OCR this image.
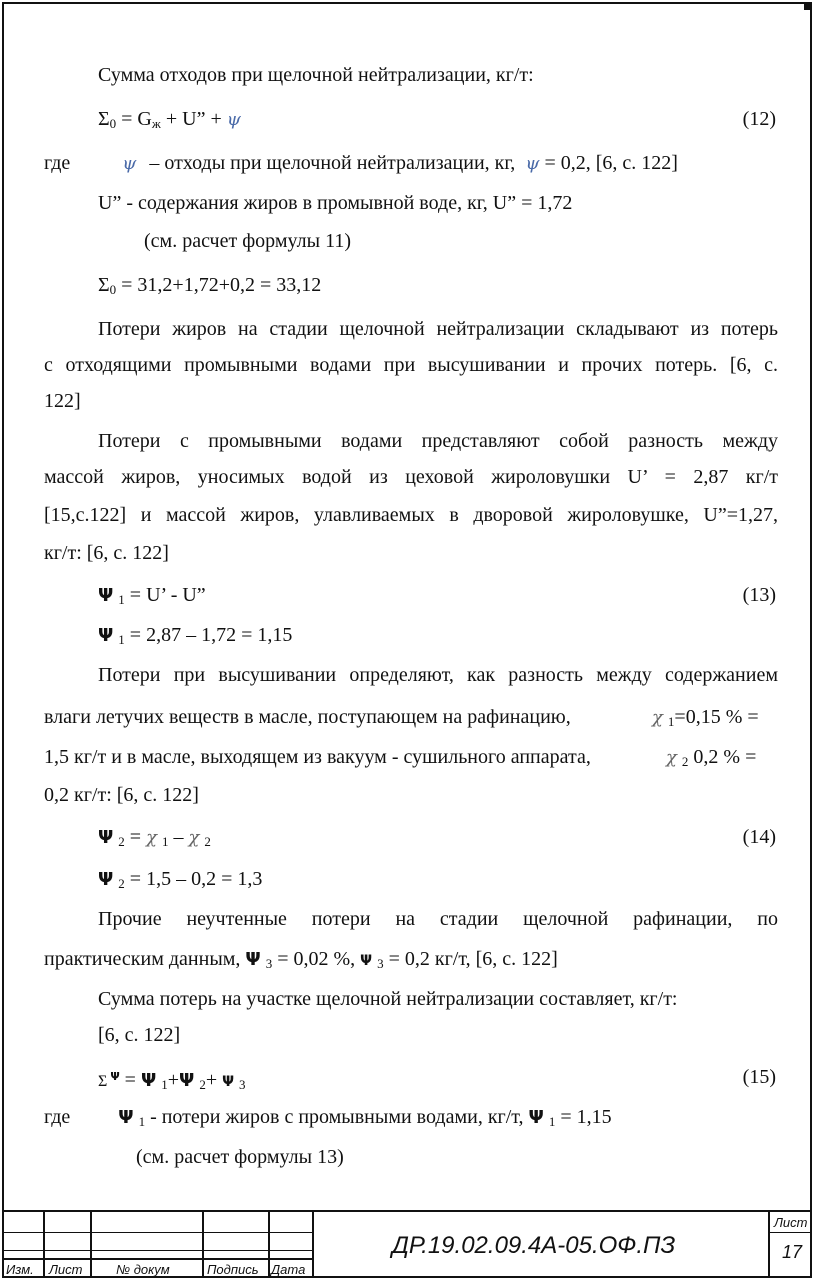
Сумма отходов при щелочной нейтрализации, кг/т:
$\Sigma_0 = G_ж + U$” + ψ	(12)
где	ψ – отходы при щелочной нейтрализации, кг, ψ = 0,2, [6, с. 122]
U” - содержания жиров в промывной воде, кг, U” = 1,72
(см. расчет формулы 11)
$\Sigma_0 = 31,2+1,72+0,2 = 33,12$
Потери жиров на стадии щелочной нейтрализации складывают из потерь
с отходящими промывными водами при высушивании и прочих потерь. [6, с.
122]
Потери с промывными водами представляют собой разность между
массой жиров, уносимых водой из цеховой жироловушки U’ = 2,87 кг/т
[15,с.122] и массой жиров, улавливаемых в дворовой жироловушке, U”=1,27,
кг/т: [6, с. 122]
Ψ $_1$ = U’ - U”	(13)
Ψ $_1$ = 2,87 – 1,72 = 1,15
Потери при высушивании определяют, как разность между содержанием
влаги летучих веществ в масле, поступающем на рафинацию,	χ $_1$=0,15 % =
1,5 кг/т и в масле, выходящем из вакуум - сушильного аппарата,	χ $_2$ 0,2 % =
0,2 кг/т: [6, с. 122]
Ψ $_2$ = χ $_1$ – χ $_2$	(14)
Ψ $_2$ = 1,5 – 0,2 = 1,3
Прочие неучтенные потери на стадии щелочной рафинации, по
практическим данным, Ψ $_3$ = 0,02 %, Ψ $_3$ = 0,2 кг/т, [6, с. 122]
Сумма потерь на участке щелочной нейтрализации составляет, кг/т:
[6, с. 122]
Σ $^\Psi$ = Ψ $_1$+Ψ $_2$+ Ψ $_3$	(15)
где	Ψ $_1$ - потери жиров с промывными водами, кг/т, Ψ $_1$ = 1,15
(см. расчет формулы 13)
Изм. Лист	№ докум	Подпись Дата
ДР.19.02.09.4А-05.ОФ.ПЗ
Лист
17
